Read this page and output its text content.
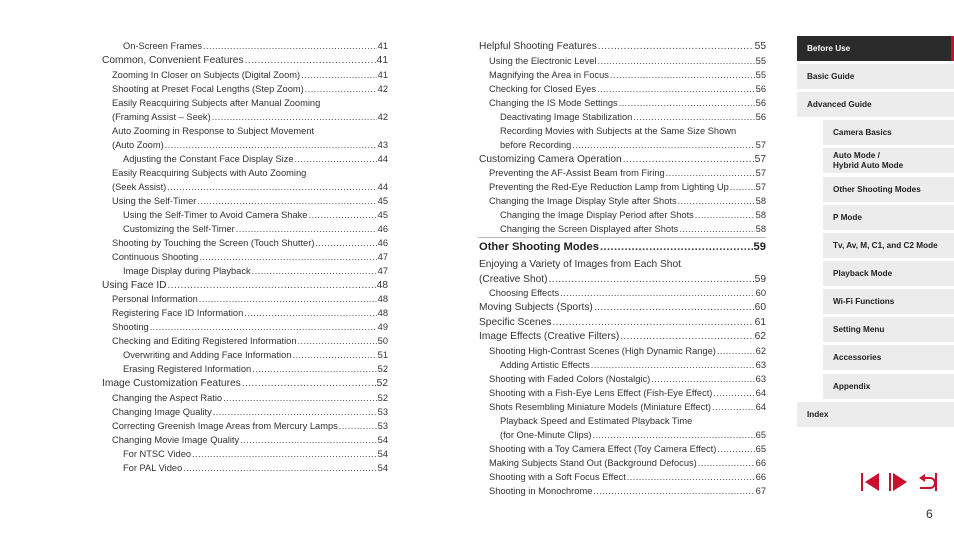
On-Screen Frames .....	41
Common, Convenient Features .....	41
Zooming In Closer on Subjects (Digital Zoom) .....	41
Shooting at Preset Focal Lengths (Step Zoom) .....	42
Easily Reacquiring Subjects after Manual Zooming
(Framing Assist – Seek) .....	42
Auto Zooming in Response to Subject Movement
(Auto Zoom) .....	43
Adjusting the Constant Face Display Size .....	44
Easily Reacquiring Subjects with Auto Zooming
(Seek Assist) .....	44
Using the Self-Timer .....	45
Using the Self-Timer to Avoid Camera Shake .....	45
Customizing the Self-Timer .....	46
Shooting by Touching the Screen (Touch Shutter) .....	46
Continuous Shooting .....	47
Image Display during Playback .....	47
Using Face ID .....	48
Personal Information .....	48
Registering Face ID Information .....	48
Shooting .....	49
Checking and Editing Registered Information .....	50
Overwriting and Adding Face Information .....	51
Erasing Registered Information .....	52
Image Customization Features .....	52
Changing the Aspect Ratio .....	52
Changing Image Quality .....	53
Correcting Greenish Image Areas from Mercury Lamps .....	53
Changing Movie Image Quality .....	54
For NTSC Video .....	54
For PAL Video .....	54
Helpful Shooting Features .....	55
Using the Electronic Level .....	55
Magnifying the Area in Focus .....	55
Checking for Closed Eyes .....	56
Changing the IS Mode Settings .....	56
Deactivating Image Stabilization .....	56
Recording Movies with Subjects at the Same Size Shown
before Recording .....	57
Customizing Camera Operation .....	57
Preventing the AF-Assist Beam from Firing .....	57
Preventing the Red-Eye Reduction Lamp from Lighting Up .....	57
Changing the Image Display Style after Shots .....	58
Changing the Image Display Period after Shots .....	58
Changing the Screen Displayed after Shots .....	58
Other Shooting Modes .....	59
Enjoying a Variety of Images from Each Shot
(Creative Shot) .....	59
Choosing Effects .....	60
Moving Subjects (Sports) .....	60
Specific Scenes .....	61
Image Effects (Creative Filters) .....	62
Shooting High-Contrast Scenes (High Dynamic Range) .....	62
Adding Artistic Effects .....	63
Shooting with Faded Colors (Nostalgic) .....	63
Shooting with a Fish-Eye Lens Effect (Fish-Eye Effect) .....	64
Shots Resembling Miniature Models (Miniature Effect) .....	64
Playback Speed and Estimated Playback Time
(for One-Minute Clips) .....	65
Shooting with a Toy Camera Effect (Toy Camera Effect) .....	65
Making Subjects Stand Out (Background Defocus) .....	66
Shooting with a Soft Focus Effect .....	66
Shooting in Monochrome .....	67
Before Use
Basic Guide
Advanced Guide
Camera Basics
Auto Mode /
Hybrid Auto Mode
Other Shooting Modes
P Mode
Tv, Av, M, C1, and C2 Mode
Playback Mode
Wi-Fi Functions
Setting Menu
Accessories
Appendix
Index
6
